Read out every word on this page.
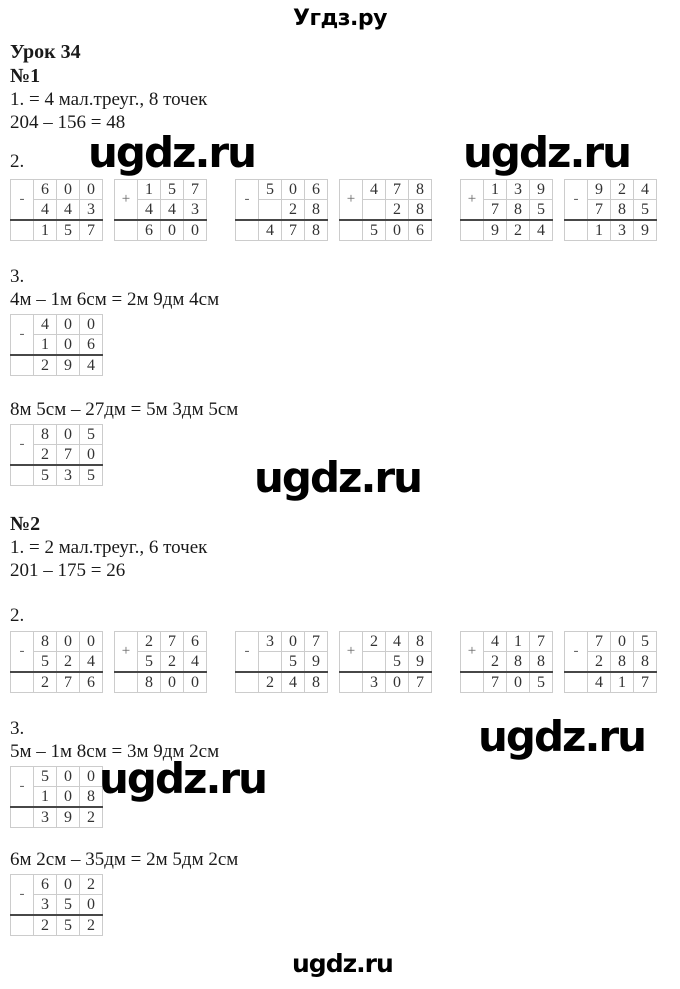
ugdz.ru	ugdz.ru
ugdz.ru
ugdz.ru
ugdz.ru
Угдз.ру
Урок 34
№1
1. = 4 мал.треуг., 8 точек
204 – 156 = 48
2.
-	6	0	0
	4	4	3
	1	5	7
+	1	5	7
	4	4	3
	6	0	0
-	5	0	6
		2	8
	4	7	8
+	4	7	8
		2	8
	5	0	6
+	1	3	9
	7	8	5
	9	2	4
-	9	2	4
	7	8	5
	1	3	9
3.
4м – 1м 6см = 2м 9дм 4см
-	4	0	0
	1	0	6
	2	9	4
8м 5см – 27дм = 5м 3дм 5см
-	8	0	5
	2	7	0
	5	3	5
№2
1. = 2 мал.треуг., 6 точек
201 – 175 = 26
2.
-	8	0	0
	5	2	4
	2	7	6
+	2	7	6
	5	2	4
	8	0	0
-	3	0	7
		5	9
	2	4	8
+	2	4	8
		5	9
	3	0	7
+	4	1	7
	2	8	8
	7	0	5
-	7	0	5
	2	8	8
	4	1	7
3.
5м – 1м 8см = 3м 9дм 2см
-	5	0	0
	1	0	8
	3	9	2
6м 2см – 35дм = 2м 5дм 2см
-	6	0	2
	3	5	0
	2	5	2
ugdz.ru
